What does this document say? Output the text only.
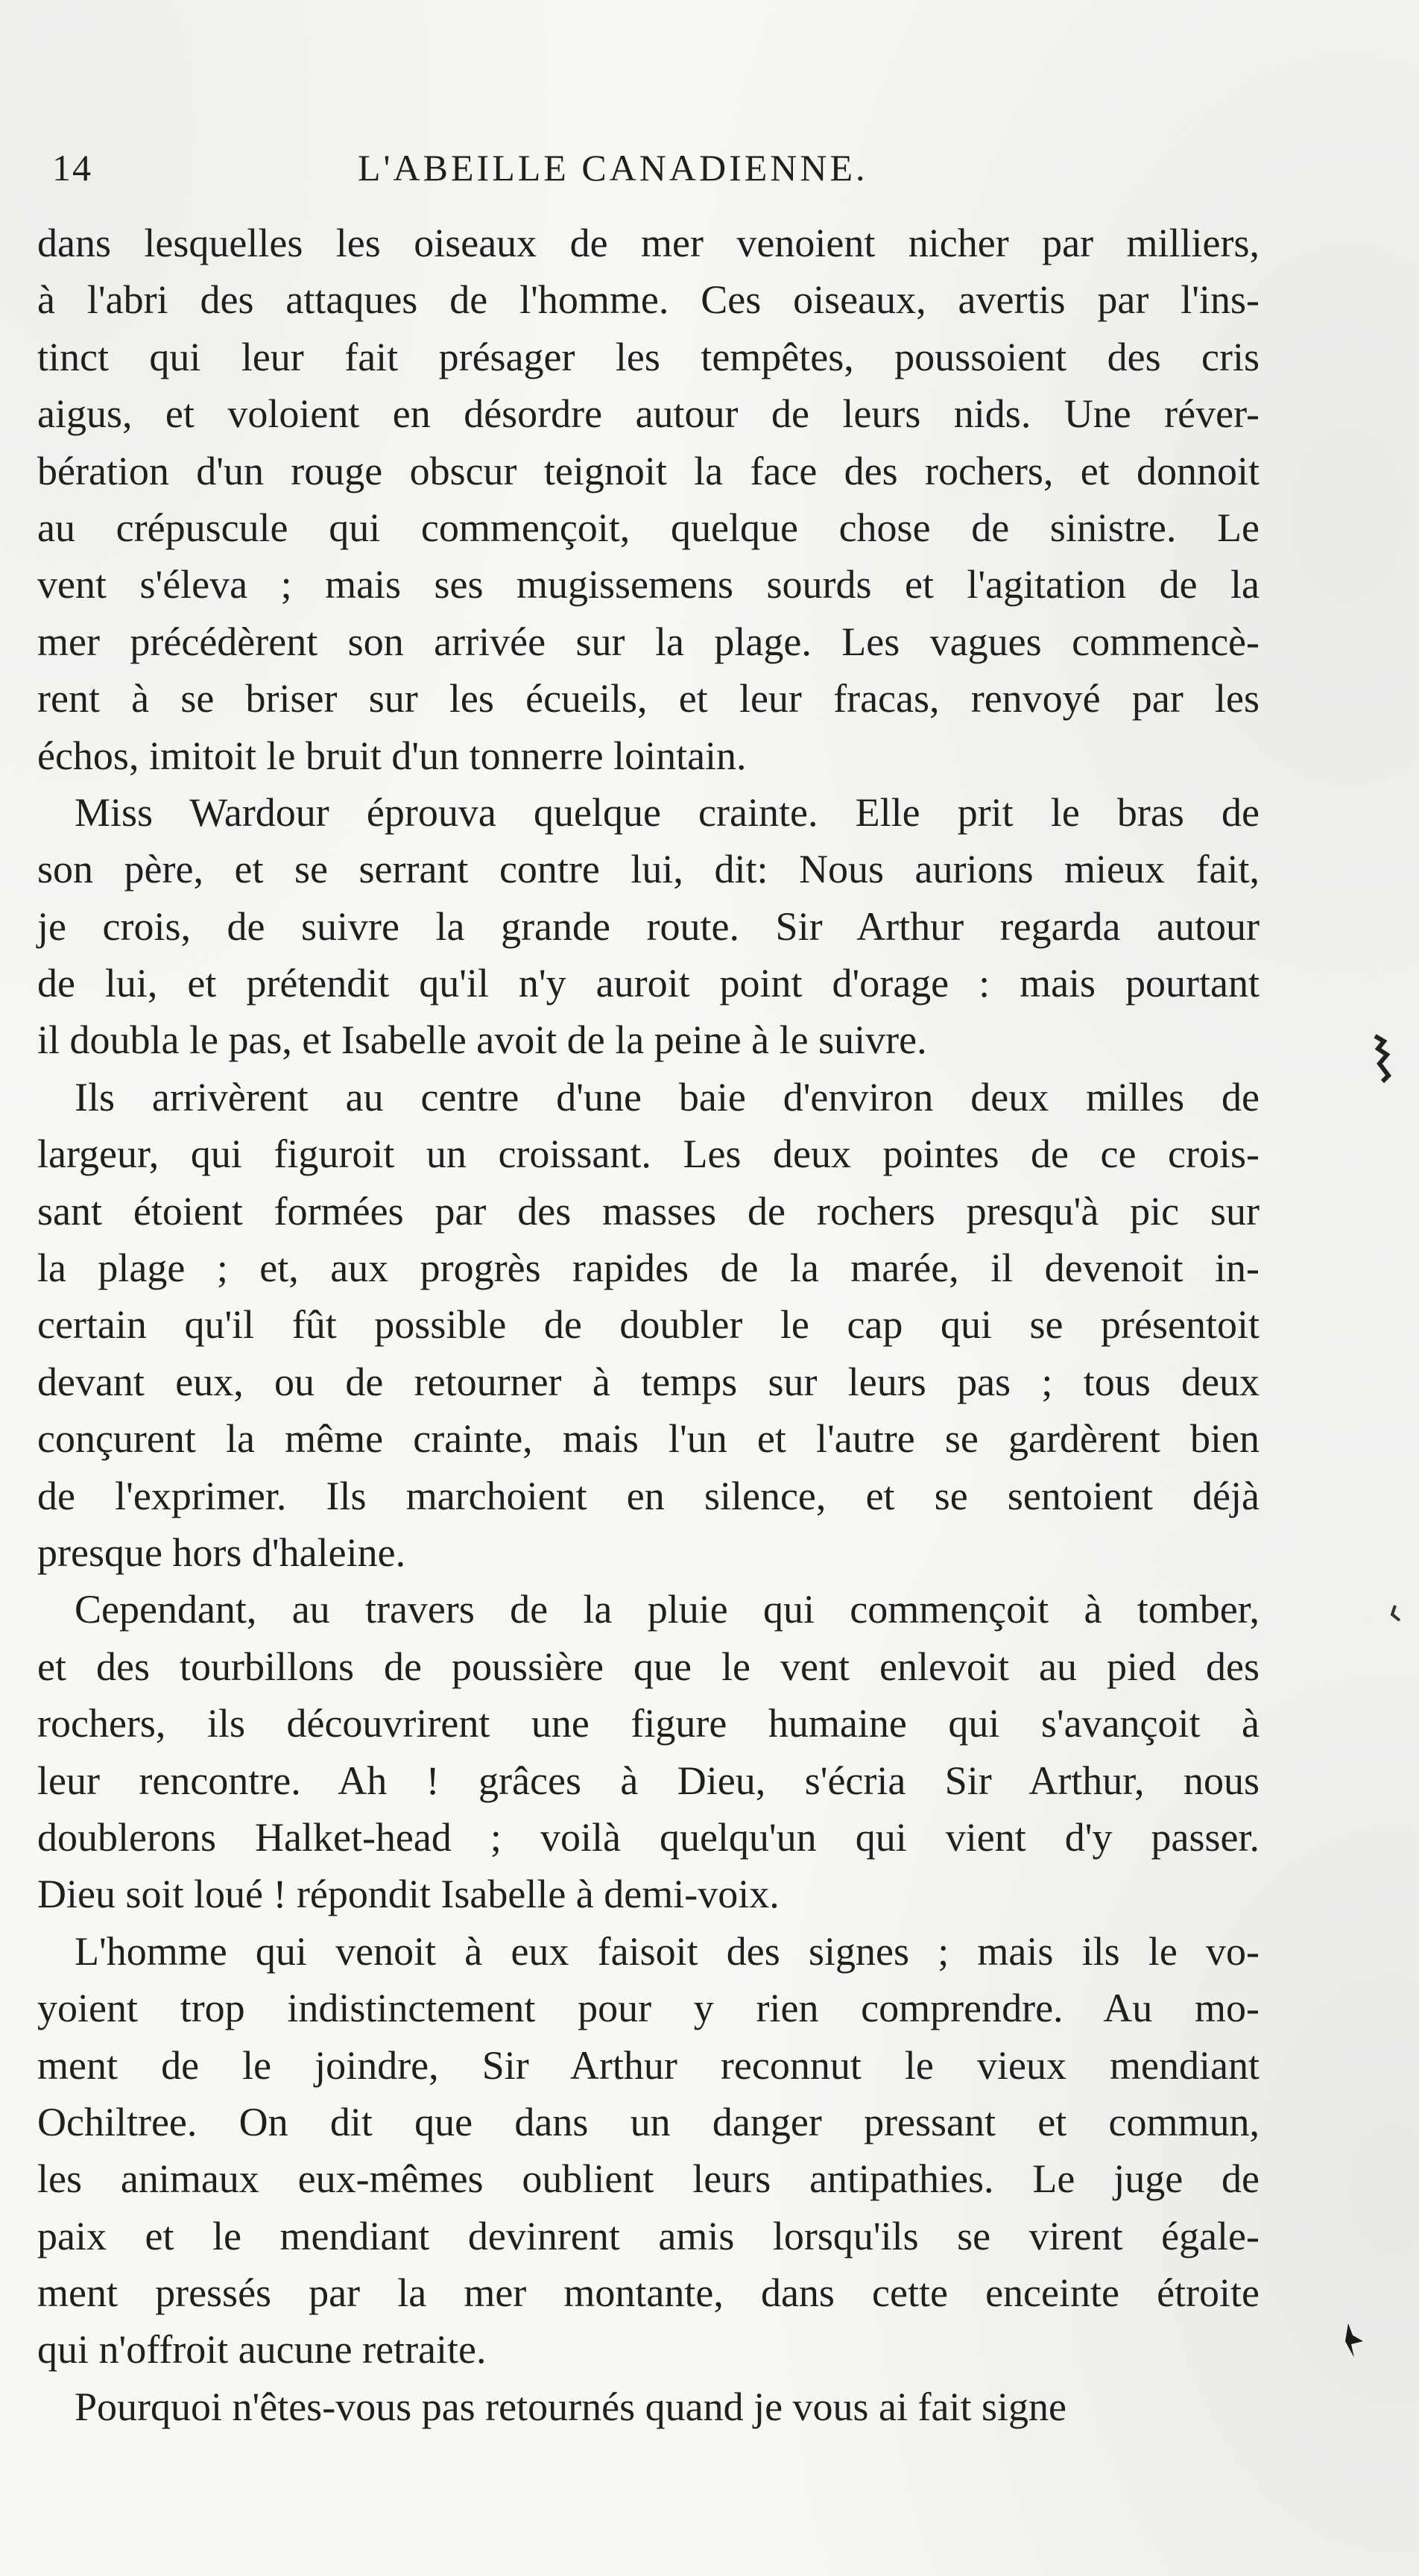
14	L'ABEILLE CANADIENNE.
dans lesquelles les oiseaux de mer venoient nicher par milliers,
à l'abri des attaques de l'homme. Ces oiseaux, avertis par l'ins-
tinct qui leur fait présager les tempêtes, poussoient des cris
aigus, et voloient en désordre autour de leurs nids. Une réver-
bération d'un rouge obscur teignoit la face des rochers, et donnoit
au crépuscule qui commençoit, quelque chose de sinistre. Le
vent s'éleva ; mais ses mugissemens sourds et l'agitation de la
mer précédèrent son arrivée sur la plage. Les vagues commencè-
rent à se briser sur les écueils, et leur fracas, renvoyé par les
échos, imitoit le bruit d'un tonnerre lointain.
Miss Wardour éprouva quelque crainte. Elle prit le bras de
son père, et se serrant contre lui, dit: Nous aurions mieux fait,
je crois, de suivre la grande route. Sir Arthur regarda autour
de lui, et prétendit qu'il n'y auroit point d'orage : mais pourtant
il doubla le pas, et Isabelle avoit de la peine à le suivre.
Ils arrivèrent au centre d'une baie d'environ deux milles de
largeur, qui figuroit un croissant. Les deux pointes de ce crois-
sant étoient formées par des masses de rochers presqu'à pic sur
la plage ; et, aux progrès rapides de la marée, il devenoit in-
certain qu'il fût possible de doubler le cap qui se présentoit
devant eux, ou de retourner à temps sur leurs pas ; tous deux
conçurent la même crainte, mais l'un et l'autre se gardèrent bien
de l'exprimer. Ils marchoient en silence, et se sentoient déjà
presque hors d'haleine.
Cependant, au travers de la pluie qui commençoit à tomber,
et des tourbillons de poussière que le vent enlevoit au pied des
rochers, ils découvrirent une figure humaine qui s'avançoit à
leur rencontre. Ah ! grâces à Dieu, s'écria Sir Arthur, nous
doublerons Halket-head ; voilà quelqu'un qui vient d'y passer.
Dieu soit loué ! répondit Isabelle à demi-voix.
L'homme qui venoit à eux faisoit des signes ; mais ils le vo-
yoient trop indistinctement pour y rien comprendre. Au mo-
ment de le joindre, Sir Arthur reconnut le vieux mendiant
Ochiltree. On dit que dans un danger pressant et commun,
les animaux eux-mêmes oublient leurs antipathies. Le juge de
paix et le mendiant devinrent amis lorsqu'ils se virent égale-
ment pressés par la mer montante, dans cette enceinte étroite
qui n'offroit aucune retraite.
Pourquoi n'êtes-vous pas retournés quand je vous ai fait signe
